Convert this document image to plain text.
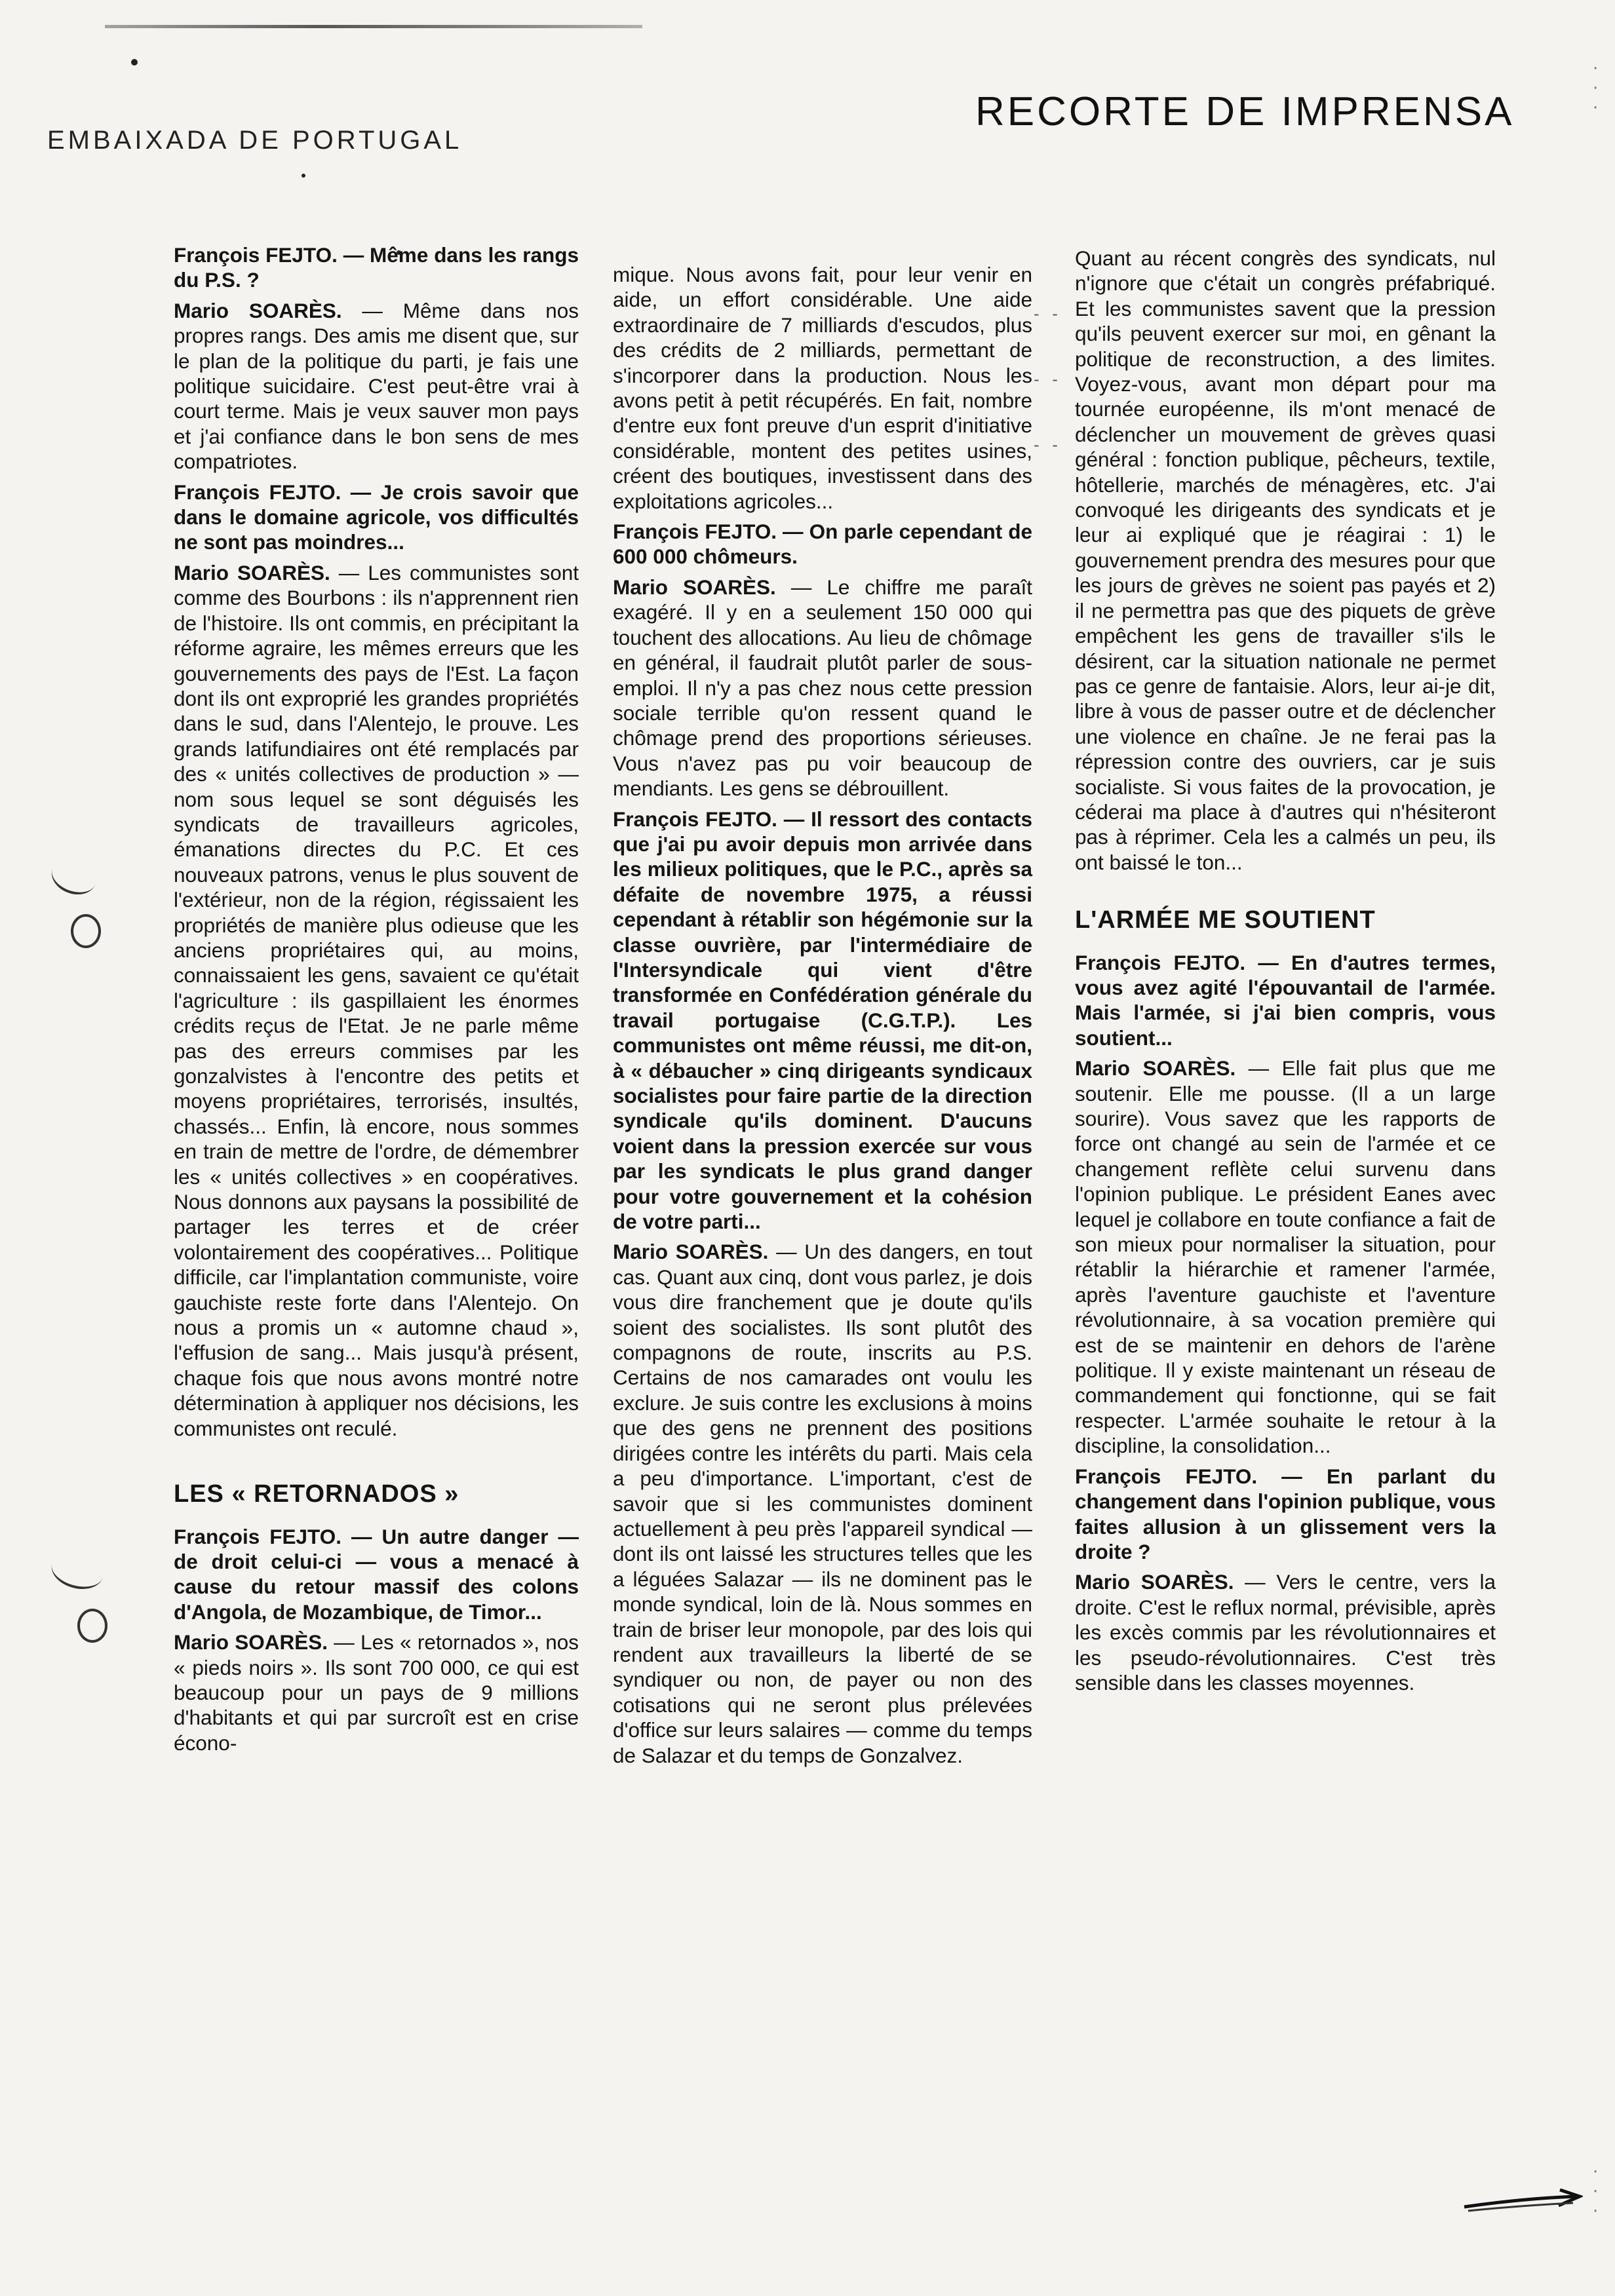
EMBAIXADA DE PORTUGAL
RECORTE DE IMPRENSA
- -
- -
- -

François FEJTO. — Même dans les rangs du P.S. ?

Mario SOARÈS. — Même dans nos propres rangs. Des amis me disent que, sur le plan de la politique du parti, je fais une politique suicidaire. C'est peut-être vrai à court terme. Mais je veux sauver mon pays et j'ai confiance dans le bon sens de mes compatriotes.

François FEJTO. — Je crois savoir que dans le domaine agricole, vos difficultés ne sont pas moindres...

Mario SOARÈS. — Les communistes sont comme des Bourbons : ils n'apprennent rien de l'histoire. Ils ont commis, en précipitant la réforme agraire, les mêmes erreurs que les gouvernements des pays de l'Est. La façon dont ils ont exproprié les grandes propriétés dans le sud, dans l'Alentejo, le prouve. Les grands latifundiaires ont été remplacés par des « unités collectives de production » — nom sous lequel se sont déguisés les syndicats de travailleurs agricoles, émanations directes du P.C. Et ces nouveaux patrons, venus le plus souvent de l'extérieur, non de la région, régissaient les propriétés de manière plus odieuse que les anciens propriétaires qui, au moins, connaissaient les gens, savaient ce qu'était l'agriculture : ils gaspillaient les énormes crédits reçus de l'Etat. Je ne parle même pas des erreurs commises par les gonzalvistes à l'encontre des petits et moyens propriétaires, terrorisés, insultés, chassés... Enfin, là encore, nous sommes en train de mettre de l'ordre, de démembrer les « unités collectives » en coopératives. Nous donnons aux paysans la possibilité de partager les terres et de créer volontairement des coopératives... Politique difficile, car l'implantation communiste, voire gauchiste reste forte dans l'Alentejo. On nous a promis un « automne chaud », l'effusion de sang... Mais jusqu'à présent, chaque fois que nous avons montré notre détermination à appliquer nos décisions, les communistes ont reculé.

LES « RETORNADOS »

François FEJTO. — Un autre danger — de droit celui-ci — vous a menacé à cause du retour massif des colons d'Angola, de Mozambique, de Timor...

Mario SOARÈS. — Les « retornados », nos « pieds noirs ». Ils sont 700 000, ce qui est beaucoup pour un pays de 9 millions d'habitants et qui par surcroît est en crise écono-

mique. Nous avons fait, pour leur venir en aide, un effort considérable. Une aide extraordinaire de 7 milliards d'escudos, plus des crédits de 2 milliards, permettant de s'incorporer dans la production. Nous les avons petit à petit récupérés. En fait, nombre d'entre eux font preuve d'un esprit d'initiative considérable, montent des petites usines, créent des boutiques, investissent dans des exploitations agricoles...

François FEJTO. — On parle cependant de 600 000 chômeurs.

Mario SOARÈS. — Le chiffre me paraît exagéré. Il y en a seulement 150 000 qui touchent des allocations. Au lieu de chômage en général, il faudrait plutôt parler de sous-emploi. Il n'y a pas chez nous cette pression sociale terrible qu'on ressent quand le chômage prend des proportions sérieuses. Vous n'avez pas pu voir beaucoup de mendiants. Les gens se débrouillent.

François FEJTO. — Il ressort des contacts que j'ai pu avoir depuis mon arrivée dans les milieux politiques, que le P.C., après sa défaite de novembre 1975, a réussi cependant à rétablir son hégémonie sur la classe ouvrière, par l'intermédiaire de l'Intersyndicale qui vient d'être transformée en Confédération générale du travail portugaise (C.G.T.P.). Les communistes ont même réussi, me dit-on, à « débaucher » cinq dirigeants syndicaux socialistes pour faire partie de la direction syndicale qu'ils dominent. D'aucuns voient dans la pression exercée sur vous par les syndicats le plus grand danger pour votre gouvernement et la cohésion de votre parti...

Mario SOARÈS. — Un des dangers, en tout cas. Quant aux cinq, dont vous parlez, je dois vous dire franchement que je doute qu'ils soient des socialistes. Ils sont plutôt des compagnons de route, inscrits au P.S. Certains de nos camarades ont voulu les exclure. Je suis contre les exclusions à moins que des gens ne prennent des positions dirigées contre les intérêts du parti. Mais cela a peu d'importance. L'important, c'est de savoir que si les communistes dominent actuellement à peu près l'appareil syndical — dont ils ont laissé les structures telles que les a léguées Salazar — ils ne dominent pas le monde syndical, loin de là. Nous sommes en train de briser leur monopole, par des lois qui rendent aux travailleurs la liberté de se syndiquer ou non, de payer ou non des cotisations qui ne seront plus prélevées d'office sur leurs salaires — comme du temps de Salazar et du temps de Gonzalvez.

Quant au récent congrès des syndicats, nul n'ignore que c'était un congrès préfabriqué. Et les communistes savent que la pression qu'ils peuvent exercer sur moi, en gênant la politique de reconstruction, a des limites. Voyez-vous, avant mon départ pour ma tournée européenne, ils m'ont menacé de déclencher un mouvement de grèves quasi général : fonction publique, pêcheurs, textile, hôtellerie, marchés de ménagères, etc. J'ai convoqué les dirigeants des syndicats et je leur ai expliqué que je réagirai : 1) le gouvernement prendra des mesures pour que les jours de grèves ne soient pas payés et 2) il ne permettra pas que des piquets de grève empêchent les gens de travailler s'ils le désirent, car la situation nationale ne permet pas ce genre de fantaisie. Alors, leur ai-je dit, libre à vous de passer outre et de déclencher une violence en chaîne. Je ne ferai pas la répression contre des ouvriers, car je suis socialiste. Si vous faites de la provocation, je céderai ma place à d'autres qui n'hésiteront pas à réprimer. Cela les a calmés un peu, ils ont baissé le ton...

L'ARMÉE ME SOUTIENT

François FEJTO. — En d'autres termes, vous avez agité l'épouvantail de l'armée. Mais l'armée, si j'ai bien compris, vous soutient...

Mario SOARÈS. — Elle fait plus que me soutenir. Elle me pousse. (Il a un large sourire). Vous savez que les rapports de force ont changé au sein de l'armée et ce changement reflète celui survenu dans l'opinion publique. Le président Eanes avec lequel je collabore en toute confiance a fait de son mieux pour normaliser la situation, pour rétablir la hiérarchie et ramener l'armée, après l'aventure gauchiste et l'aventure révolutionnaire, à sa vocation première qui est de se maintenir en dehors de l'arène politique. Il y existe maintenant un réseau de commandement qui fonctionne, qui se fait respecter. L'armée souhaite le retour à la discipline, la consolidation...

François FEJTO. — En parlant du changement dans l'opinion publique, vous faites allusion à un glissement vers la droite ?

Mario SOARÈS. — Vers le centre, vers la droite. C'est le reflux normal, prévisible, après les excès commis par les révolutionnaires et les pseudo-révolutionnaires. C'est très sensible dans les classes moyennes.

·
·
·
·
·
·
